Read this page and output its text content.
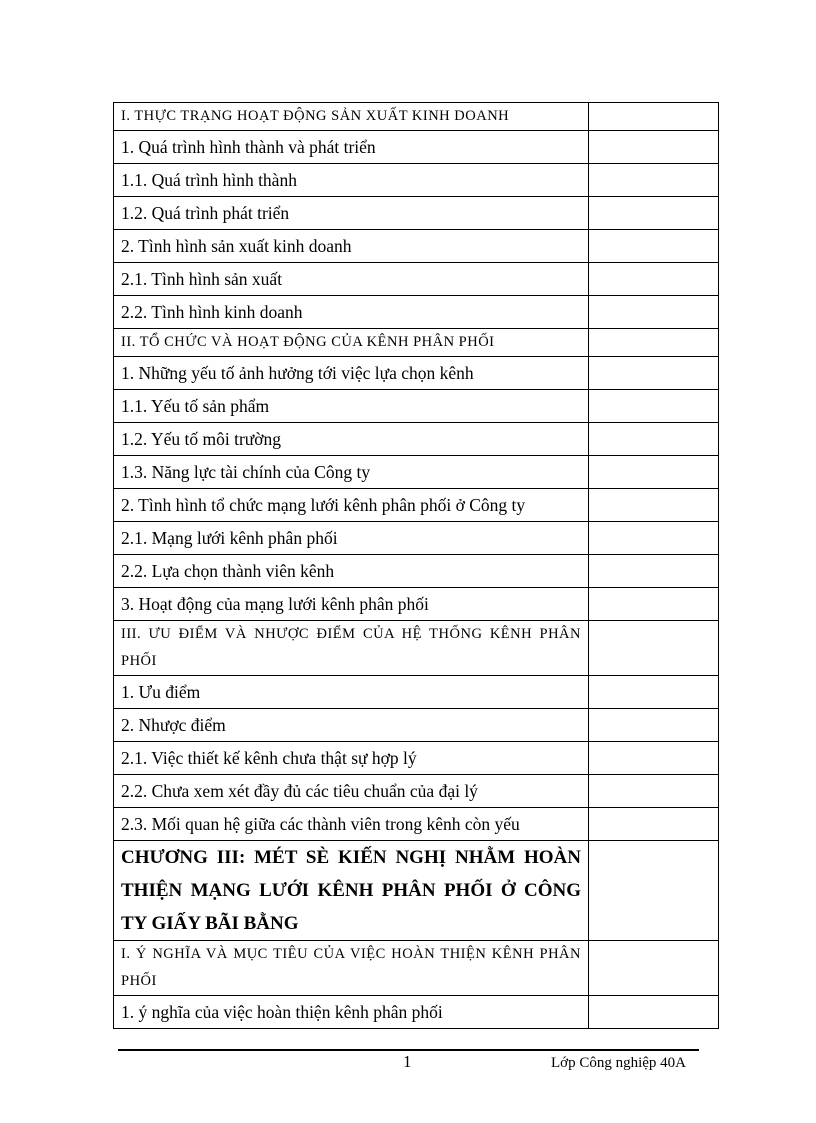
I. THỰC TRẠNG HOẠT ĐỘNG SẢN XUẤT KINH DOANH	
1. Quá trình hình thành và phát triển	
1.1. Quá trình hình thành	
1.2. Quá trình phát triển	
2. Tình hình sản xuất kinh doanh	
2.1. Tình hình sản xuất	
2.2. Tình hình kinh doanh	
II. TỔ CHỨC VÀ HOẠT ĐỘNG CỦA KÊNH PHÂN PHỐI	
1. Những yếu tố ảnh hưởng tới việc lựa chọn kênh	
1.1. Yếu tố sản phẩm	
1.2. Yếu tố môi trường	
1.3. Năng lực tài chính của Công ty	
2. Tình hình tổ chức mạng lưới kênh phân phối ở Công ty	
2.1. Mạng lưới kênh phân phối	
2.2. Lựa chọn thành viên kênh	
3. Hoạt động của mạng lưới kênh phân phối	
III. ƯU ĐIỂM VÀ NHƯỢC ĐIỂM CỦA HỆ THỐNG KÊNH PHÂN PHỐI	
1. Ưu điểm	
2. Nhược điểm	
2.1. Việc thiết kế kênh chưa thật sự hợp lý	
2.2. Chưa xem xét đầy đủ các tiêu chuẩn của đại lý	
2.3. Mối quan hệ giữa các thành viên trong kênh còn yếu	
CHƯƠNG III: MÉT SÈ KIẾN NGHỊ NHẰM HOÀN THIỆN MẠNG LƯỚI KÊNH PHÂN PHỐI Ở CÔNG TY GIẤY BÃI BẰNG	
I. Ý NGHĨA VÀ MỤC TIÊU CỦA VIỆC HOÀN THIỆN KÊNH PHÂN PHỐI	
1. ý nghĩa của việc hoàn thiện kênh phân phối	
1	Lớp Công nghiệp 40A
